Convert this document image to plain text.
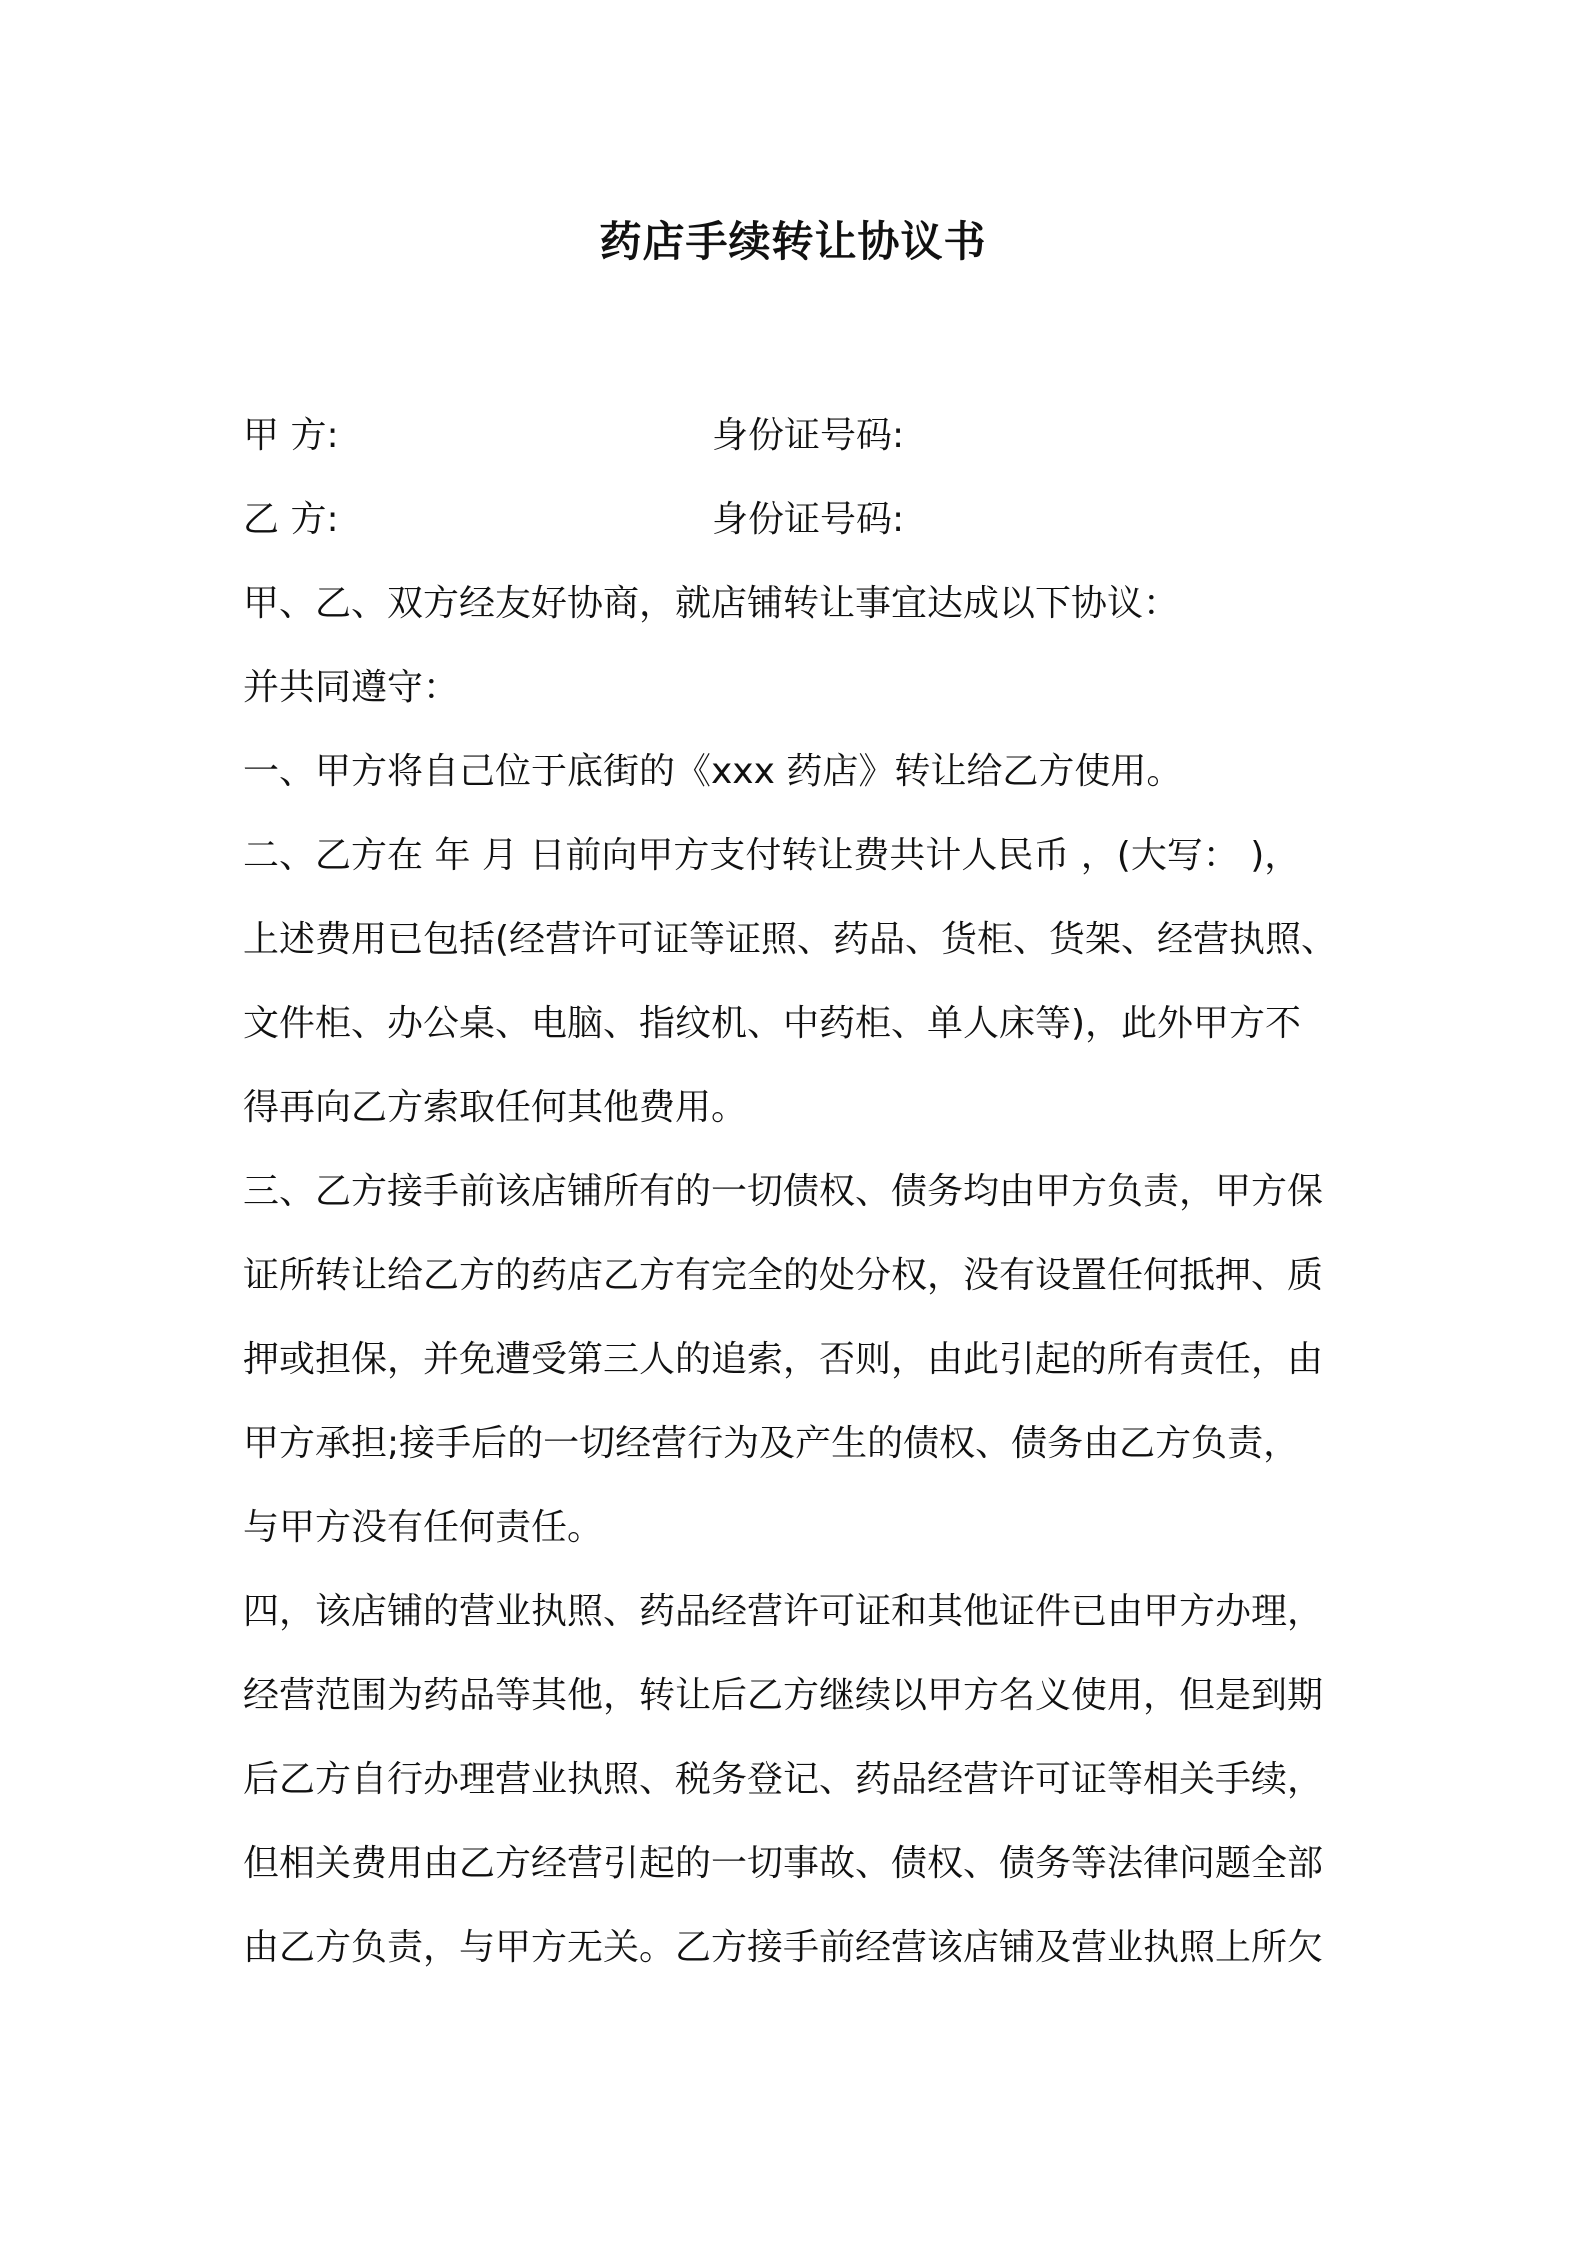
药店手续转让协议书
甲 方:	身份证号码:
乙 方:	身份证号码:
甲、乙、双方经友好协商，就店铺转让事宜达成以下协议：
并共同遵守：
一、甲方将自己位于底街的《xxx 药店》转让给乙方使用。
二、乙方在 年 月 日前向甲方支付转让费共计人民币 ，(大写： )，
上述费用已包括(经营许可证等证照、药品、货柜、货架、经营执照、
文件柜、办公桌、电脑、指纹机、中药柜、单人床等)，此外甲方不
得再向乙方索取任何其他费用。
三、乙方接手前该店铺所有的一切债权、债务均由甲方负责，甲方保
证所转让给乙方的药店乙方有完全的处分权，没有设置任何抵押、质
押或担保，并免遭受第三人的追索，否则，由此引起的所有责任，由
甲方承担;接手后的一切经营行为及产生的债权、债务由乙方负责，
与甲方没有任何责任。
四，该店铺的营业执照、药品经营许可证和其他证件已由甲方办理，
经营范围为药品等其他，转让后乙方继续以甲方名义使用，但是到期
后乙方自行办理营业执照、税务登记、药品经营许可证等相关手续，
但相关费用由乙方经营引起的一切事故、债权、债务等法律问题全部
由乙方负责，与甲方无关。乙方接手前经营该店铺及营业执照上所欠
